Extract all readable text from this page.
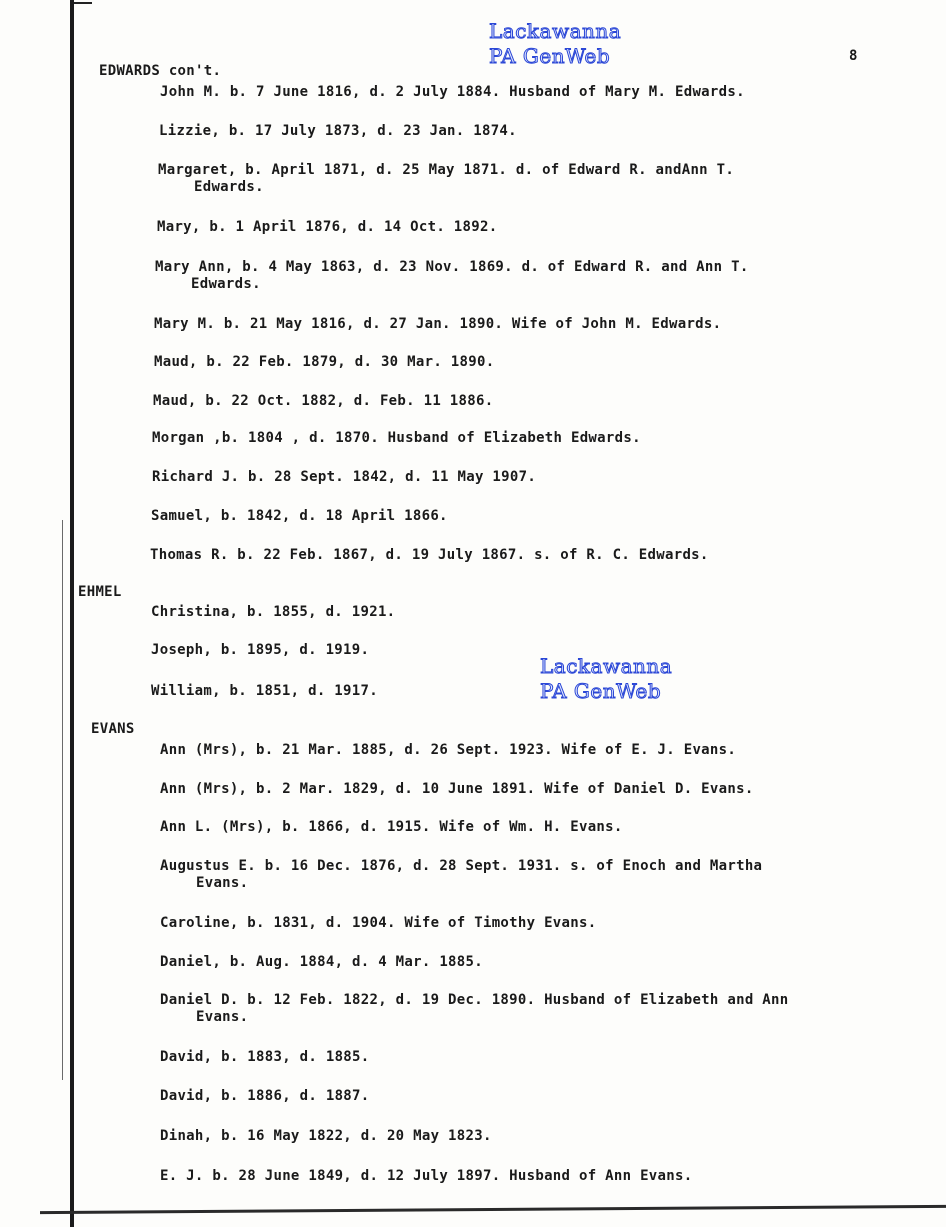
Lackawanna
PA GenWeb
Lackawanna
PA GenWeb
8
EDWARDS con't.
John M. b. 7 June 1816, d. 2 July 1884. Husband of Mary M. Edwards.
Lizzie, b. 17 July 1873, d. 23 Jan. 1874.
Margaret, b. April 1871, d. 25 May 1871. d. of Edward R. andAnn T.
Edwards.
Mary, b. 1 April 1876, d. 14 Oct. 1892.
Mary Ann, b. 4 May 1863, d. 23 Nov. 1869. d. of Edward R. and Ann T.
Edwards.
Mary M. b. 21 May 1816, d. 27 Jan. 1890. Wife of John M. Edwards.
Maud, b. 22 Feb. 1879, d. 30 Mar. 1890.
Maud, b. 22 Oct. 1882, d. Feb. 11 1886.
Morgan ,b. 1804 , d. 1870. Husband of Elizabeth Edwards.
Richard J. b. 28 Sept. 1842, d. 11 May 1907.
Samuel, b. 1842, d. 18 April 1866.
Thomas R. b. 22 Feb. 1867, d. 19 July 1867. s. of R. C. Edwards.
EHMEL
Christina, b. 1855, d. 1921.
Joseph, b. 1895, d. 1919.
William, b. 1851, d. 1917.
EVANS
Ann (Mrs), b. 21 Mar. 1885, d. 26 Sept. 1923. Wife of E. J. Evans.
Ann (Mrs), b. 2 Mar. 1829, d. 10 June 1891. Wife of Daniel D. Evans.
Ann L. (Mrs), b. 1866, d. 1915. Wife of Wm. H. Evans.
Augustus E. b. 16 Dec. 1876, d. 28 Sept. 1931. s. of Enoch and Martha
Evans.
Caroline, b. 1831, d. 1904. Wife of Timothy Evans.
Daniel, b. Aug. 1884, d. 4 Mar. 1885.
Daniel D. b. 12 Feb. 1822, d. 19 Dec. 1890. Husband of Elizabeth and Ann
Evans.
David, b. 1883, d. 1885.
David, b. 1886, d. 1887.
Dinah, b. 16 May 1822, d. 20 May 1823.
E. J. b. 28 June 1849, d. 12 July 1897. Husband of Ann Evans.
